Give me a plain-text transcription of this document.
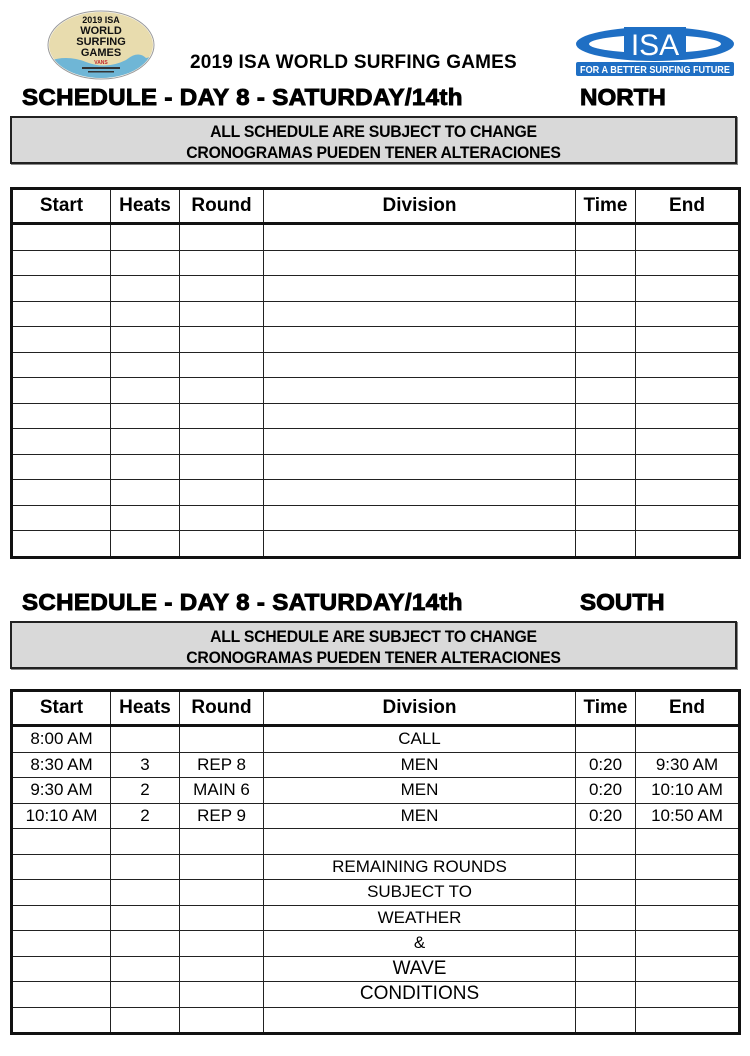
2019 ISA
WORLD
SURFING
GAMES
VANS
ISA
FOR A BETTER SURFING FUTURE
2019 ISA WORLD SURFING GAMES
SCHEDULE - DAY 8 - SATURDAY/14th	NORTH
ALL SCHEDULE ARE SUBJECT TO CHANGE
CRONOGRAMAS PUEDEN TENER ALTERACIONES
Start	Heats	Round	Division	Time	End

SCHEDULE - DAY 8 - SATURDAY/14th	SOUTH
ALL SCHEDULE ARE SUBJECT TO CHANGE
CRONOGRAMAS PUEDEN TENER ALTERACIONES
Start	Heats	Round	Division	Time	End
8:00 AM			CALL		
8:30 AM	3	REP 8	MEN	0:20	9:30 AM
9:30 AM	2	MAIN 6	MEN	0:20	10:10 AM
10:10 AM	2	REP 9	MEN	0:20	10:50 AM

			REMAINING ROUNDS		
			SUBJECT TO		
			WEATHER		
			&		
			WAVE		
			CONDITIONS		
